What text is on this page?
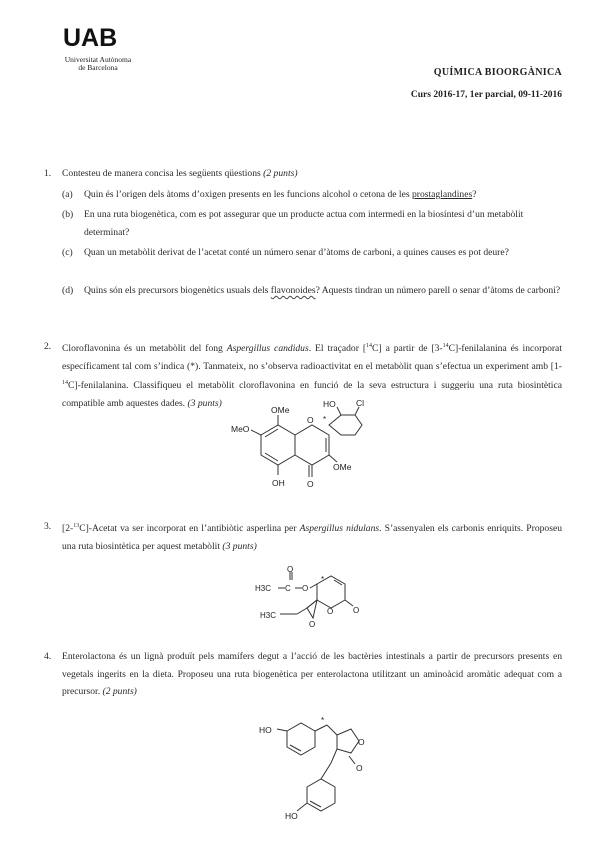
UAB
Universitat Autònoma
de Barcelona	QUÍMICA BIOORGÀNICA
Curs 2016-17, 1er parcial, 09-11-2016
1. Contesteu de manera concisa les següents qüestions (2 punts)
(a) Quin és l’origen dels àtoms d’oxigen presents en les funcions alcohol o cetona de les prostaglandines?
(b) En una ruta biogenètica, com es pot assegurar que un producte actua com intermedi en la biosíntesi d’un metabòlit determinat?
(c) Quan un metabòlit derivat de l’acetat conté un número senar d’àtoms de carboni, a quines causes es pot deure?
(d) Quins són els precursors biogenètics usuals dels flavonoides? Aquests tindran un número parell o senar d’àtoms de carboni?
2. Cloroflavonina és un metabòlit del fong Aspergillus candidus. El traçador [$^{14}$C] a partir de [3-$^{14}$C]-fenilalanina és incorporat específicament tal com s’indica (*). Tanmateix, no s’observa radioactivitat en el metabòlit quan s’efectua un experiment amb [1-$^{14}$C]-fenilalanina. Classifiqueu el metabòlit cloroflavonina en funció de la seva estructura i suggeriu una ruta biosintètica compatible amb aquestes dades. (3 punts)
O *
HO Cl
OMe
MeO
OMe
OH	O
3. [2-$^{13}$C]-Acetat va ser incorporat en l’antibiòtic asperlina per Aspergillus nidulans. S’assenyalen els carbonis enriquits. Proposeu una ruta biosintètica per aquest metabòlit (3 punts)
H3C C
O
O
O O
O
H3C
*
4. Enterolactona és un lignà produït pels mamífers degut a l’acció de les bactèries intestinals a partir de precursors presents en vegetals ingerits en la dieta. Proposeu una ruta biogenètica per enterolactona utilitzant un aminoàcid aromàtic adequat com a precursor. (2 punts)
HO
O
O
HO
*
